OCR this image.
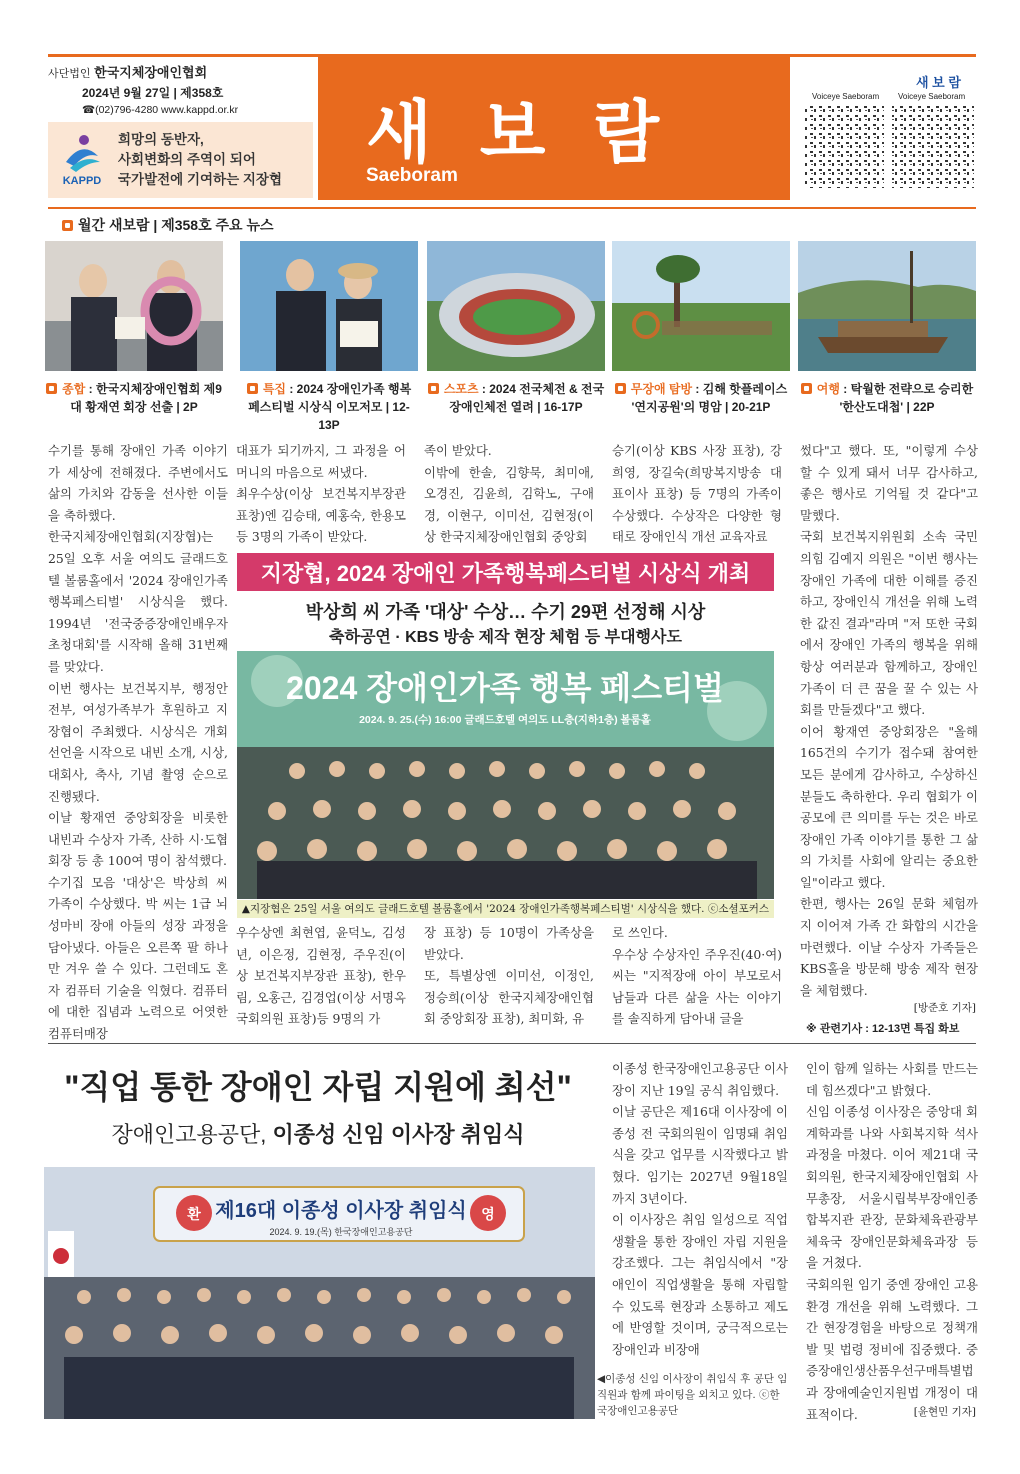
사단법인 한국지체장애인협회
2024년 9월 27일 | 제358호
☎(02)796-4280 www.kappd.or.kr
KAPPD
희망의 동반자,
사회변화의 주역이 되어
국가발전에 기여하는 지장협
새보람
Saeboram
새 보 람
Voiceye Saeboram Voiceye Saeboram
월간 새보람 | 제358호 주요 뉴스
종합 : 한국지체장애인협회 제9대 황재연 회장 선출 | 2P
특집 : 2024 장애인가족 행복 페스티벌 시상식 이모저모 | 12-13P
스포츠 : 2024 전국체전 & 전국장애인체전 열려 | 16-17P
무장애 탐방 : 김해 핫플레이스 '연지공원'의 명암 | 20-21P
여행 : 탁월한 전략으로 승리한 '한산도대첩' | 22P
수기를 통해 장애인 가족 이야기가 세상에 전해졌다. 주변에서도 삶의 가치와 감동을 선사한 이들을 축하했다.
한국지체장애인협회(지장협)는 25일 오후 서울 여의도 글래드호텔 볼룸홀에서 '2024 장애인가족행복페스티벌' 시상식을 했다. 1994년 '전국중증장애인배우자초청대회'를 시작해 올해 31번째를 맞았다.
이번 행사는 보건복지부, 행정안전부, 여성가족부가 후원하고 지장협이 주최했다. 시상식은 개회 선언을 시작으로 내빈 소개, 시상, 대회사, 축사, 기념 촬영 순으로 진행됐다.
이날 황재연 중앙회장을 비롯한 내빈과 수상자 가족, 산하 시·도협회장 등 총 100여 명이 참석했다.
수기집 모음 '대상'은 박상희 씨 가족이 수상했다. 박 씨는 1급 뇌성마비 장애 아들의 성장 과정을 담아냈다. 아들은 오른쪽 팔 하나만 겨우 쓸 수 있다. 그런데도 혼자 컴퓨터 기술을 익혔다. 컴퓨터에 대한 집념과 노력으로 어엿한 컴퓨터매장
대표가 되기까지, 그 과정을 어머니의 마음으로 써냈다.
최우수상(이상 보건복지부장관 표창)엔 김승태, 예홍숙, 한용모 등 3명의 가족이 받았다.
족이 받았다.
이밖에 한솔, 김향묵, 최미애, 오경진, 김윤희, 김학노, 구애경, 이현구, 이미선, 김현정(이상 한국지체장애인협회 중앙회
승기(이상 KBS 사장 표창), 강희영, 장길숙(희망복지방송 대표이사 표창) 등 7명의 가족이 수상했다. 수상작은 다양한 형태로 장애인식 개선 교육자료
썼다"고 했다. 또, "이렇게 수상할 수 있게 돼서 너무 감사하고, 좋은 행사로 기억될 것 같다"고 말했다.
국회 보건복지위원회 소속 국민의힘 김예지 의원은 "이번 행사는 장애인 가족에 대한 이해를 증진하고, 장애인식 개선을 위해 노력한 값진 결과"라며 "저 또한 국회에서 장애인 가족의 행복을 위해 항상 여러분과 함께하고, 장애인 가족이 더 큰 꿈을 꿀 수 있는 사회를 만들겠다"고 했다.
이어 황재연 중앙회장은 "올해 165건의 수기가 접수돼 참여한 모든 분에게 감사하고, 수상하신 분들도 축하한다. 우리 협회가 이 공모에 큰 의미를 두는 것은 바로 장애인 가족 이야기를 통한 그 삶의 가치를 사회에 알리는 중요한 일"이라고 했다.
한편, 행사는 26일 문화 체험까지 이어져 가족 간 화합의 시간을 마련했다. 이날 수상자 가족들은 KBS홀을 방문해 방송 제작 현장을 체험했다.
[방준호 기자]
※ 관련기사 : 12-13면 특집 화보
지장협, 2024 장애인 가족행복페스티벌 시상식 개최
박상희 씨 가족 '대상' 수상… 수기 29편 선정해 시상
축하공연 · KBS 방송 제작 현장 체험 등 부대행사도
2024 장애인가족 행복 페스티벌
2024. 9. 25.(수) 16:00 글래드호텔 여의도 LL층(지하1층) 볼룸홀
▲지장협은 25일 서울 여의도 글래드호텔 볼룸홀에서 '2024 장애인가족행복페스티벌' 시상식을 했다. ⓒ소셜포커스
우수상엔 최현엽, 윤덕노, 김성년, 이은정, 김현정, 주우진(이상 보건복지부장관 표창), 한우림, 오홍근, 김경업(이상 서명옥 국회의원 표창)등 9명의 가
장 표창) 등 10명이 가족상을 받았다.
또, 특별상엔 이미선, 이정인, 정승희(이상 한국지체장애인협회 중앙회장 표창), 최미화, 유
로 쓰인다.
우수상 수상자인 주우진(40·여) 씨는 "지적장애 아이 부모로서 남들과 다른 삶을 사는 이야기를 솔직하게 담아내 글을
"직업 통한 장애인 자립 지원에 최선"
장애인고용공단, 이종성 신임 이사장 취임식
환	영
제16대 이종성 이사장 취임식
2024. 9. 19.(목) 한국장애인고용공단
이종성 한국장애인고용공단 이사장이 지난 19일 공식 취임했다.
이날 공단은 제16대 이사장에 이종성 전 국회의원이 임명돼 취임식을 갖고 업무를 시작했다고 밝혔다. 임기는 2027년 9월18일까지 3년이다.
이 이사장은 취임 일성으로 직업생활을 통한 장애인 자립 지원을 강조했다. 그는 취임식에서 "장애인이 직업생활을 통해 자립할 수 있도록 현장과 소통하고 제도에 반영할 것이며, 궁극적으로는 장애인과 비장애
◀이종성 신임 이사장이 취임식 후 공단 임직원과 함께 파이팅을 외치고 있다. ⓒ한국장애인고용공단
인이 함께 일하는 사회를 만드는데 힘쓰겠다"고 밝혔다.
신임 이종성 이사장은 중앙대 회계학과를 나와 사회복지학 석사과정을 마쳤다. 이어 제21대 국회의원, 한국지체장애인협회 사무총장, 서울시립북부장애인종합복지관 관장, 문화체육관광부 체육국 장애인문화체육과장 등을 거쳤다.
국회의원 임기 중엔 장애인 고용환경 개선을 위해 노력했다. 그간 현장경험을 바탕으로 정책개발 및 법령 정비에 집중했다. 중증장애인생산품우선구매특별법과 장애예술인지원법 개정이 대표적이다.	[윤현민 기자]
